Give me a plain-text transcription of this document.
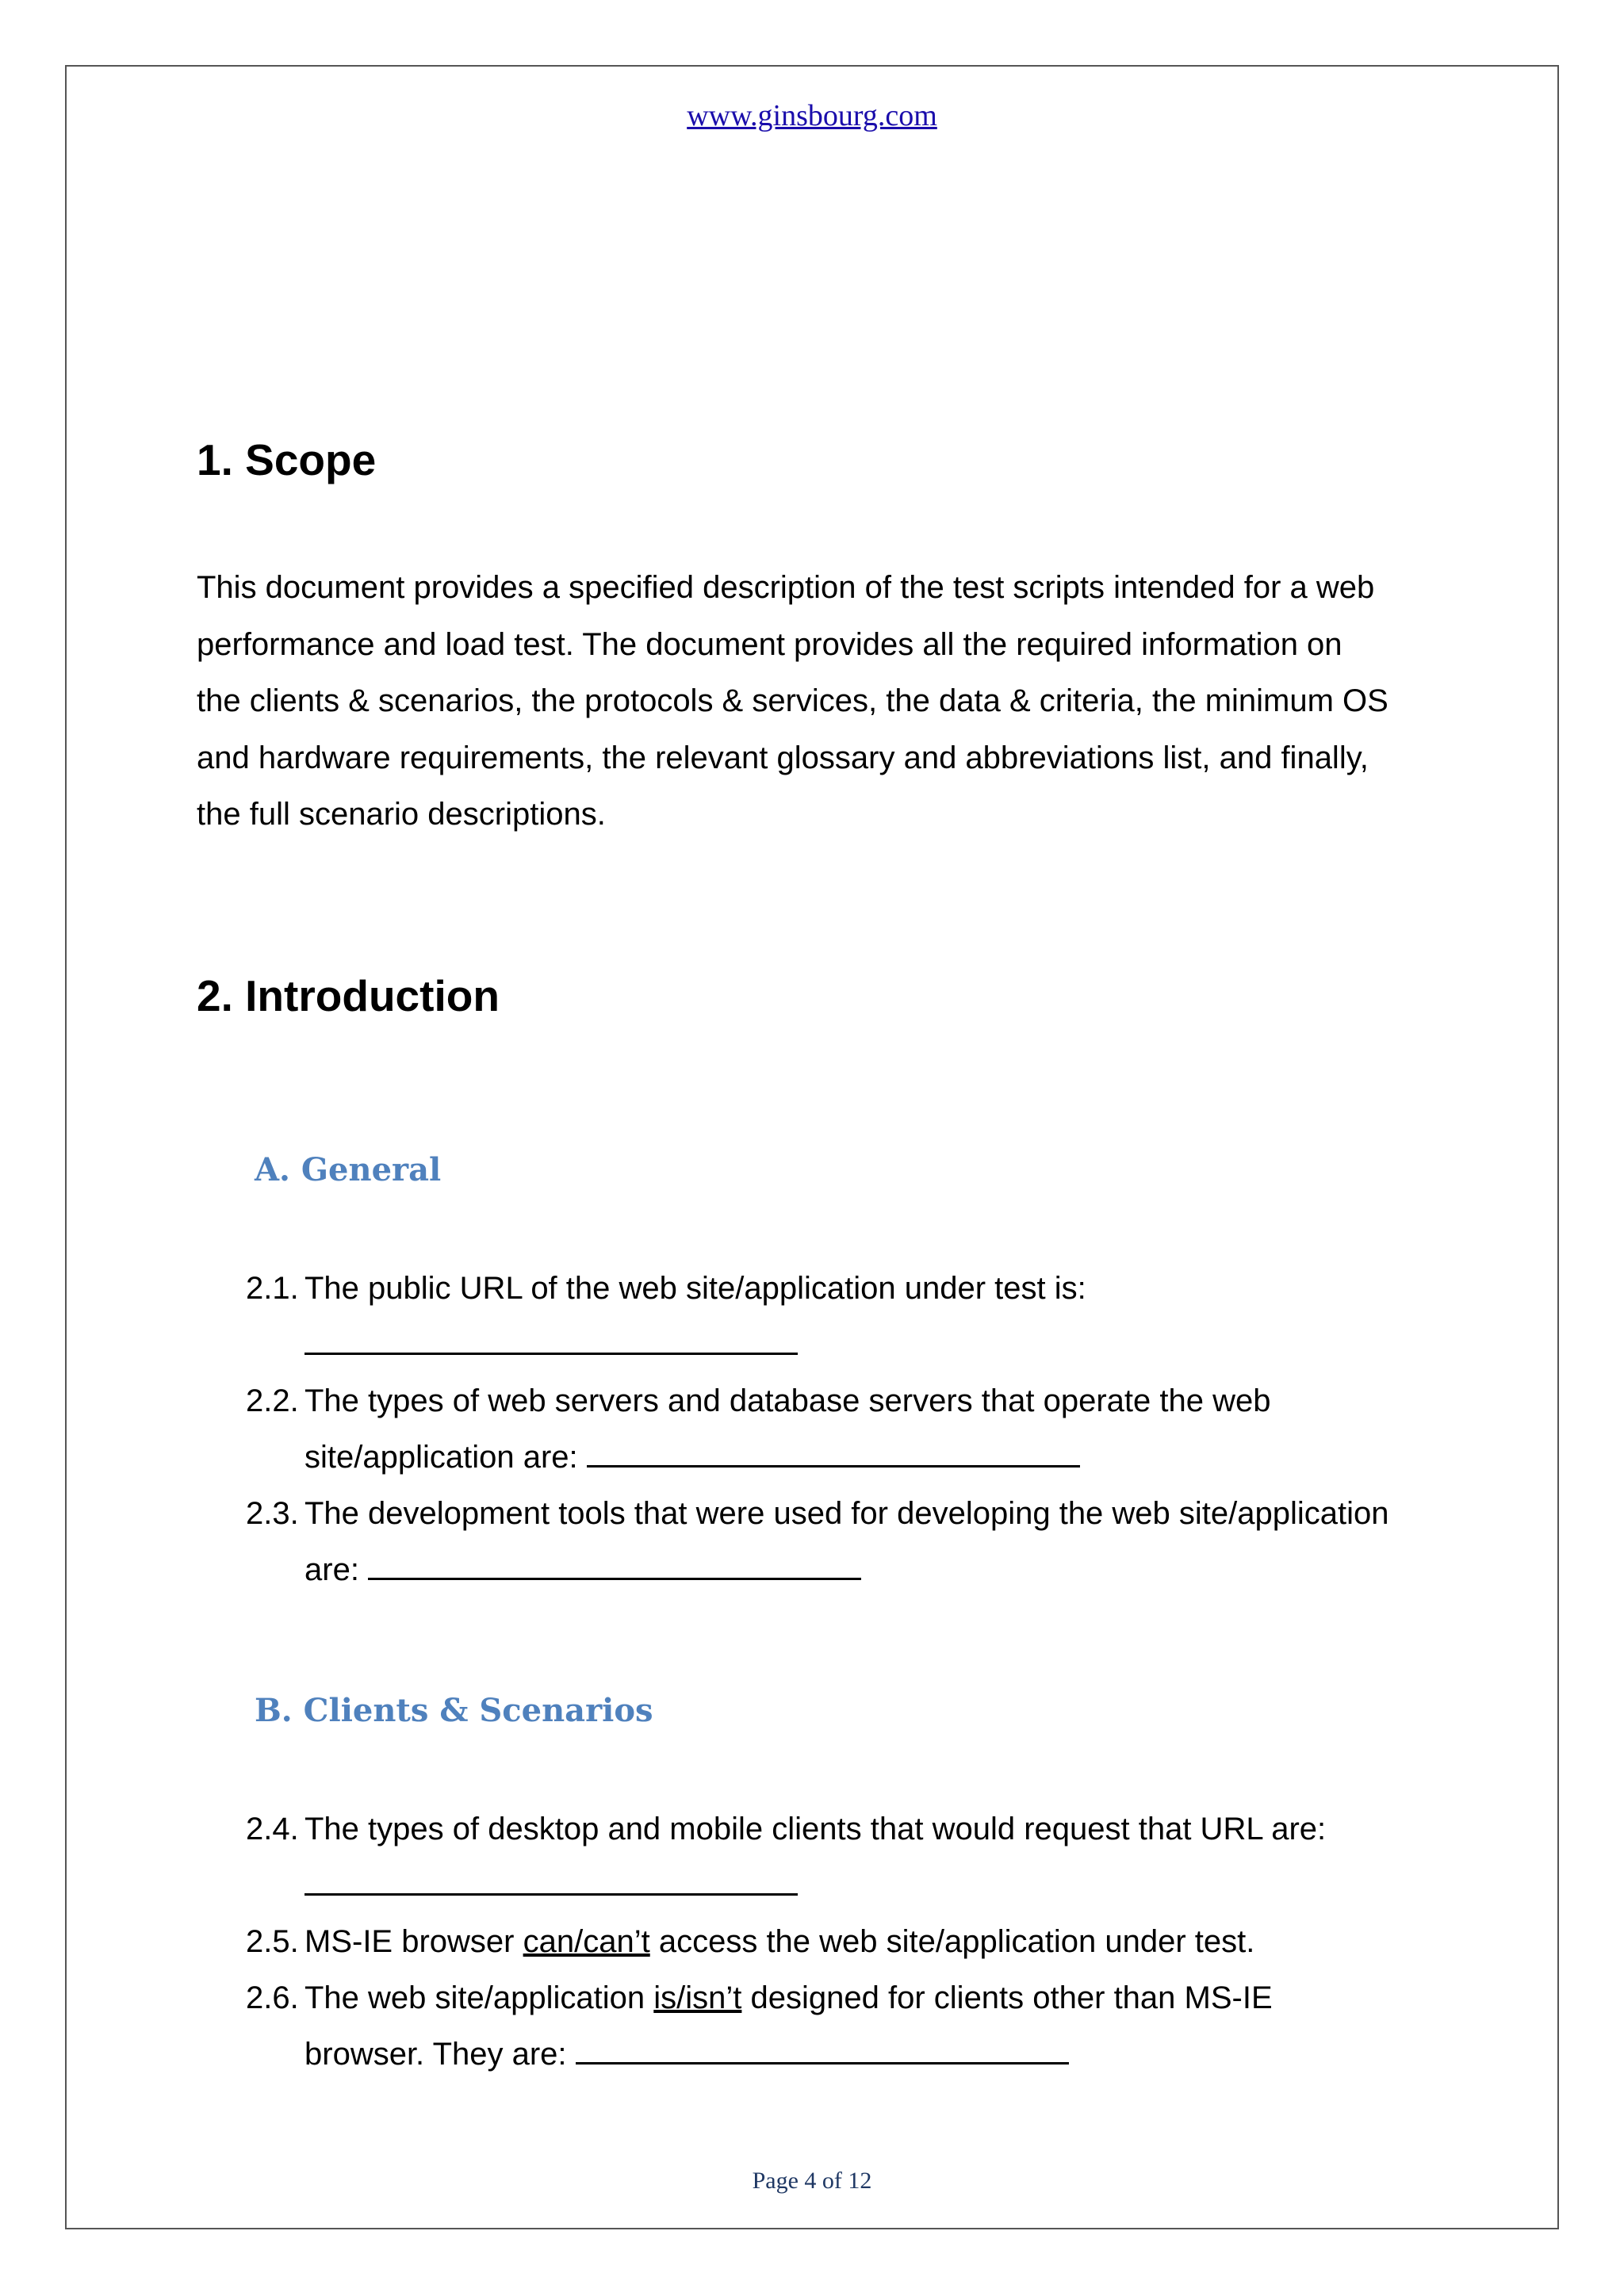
www.ginsbourg.com
1. Scope
This document provides a specified description of the test scripts intended for a web
performance and load test. The document provides all the required information on
the clients & scenarios, the protocols & services, the data & criteria, the minimum OS
and hardware requirements, the relevant glossary and abbreviations list, and finally,
the full scenario descriptions.
2. Introduction
A. General
2.1. The public URL of the web site/application under test is:
2.2. The types of web servers and database servers that operate the web
site/application are:
2.3. The development tools that were used for developing the web site/application
are:
B. Clients & Scenarios
2.4. The types of desktop and mobile clients that would request that URL are:
2.5. MS-IE browser can/can’t access the web site/application under test.
2.6. The web site/application is/isn’t designed for clients other than MS-IE
browser. They are:
Page 4 of 12
